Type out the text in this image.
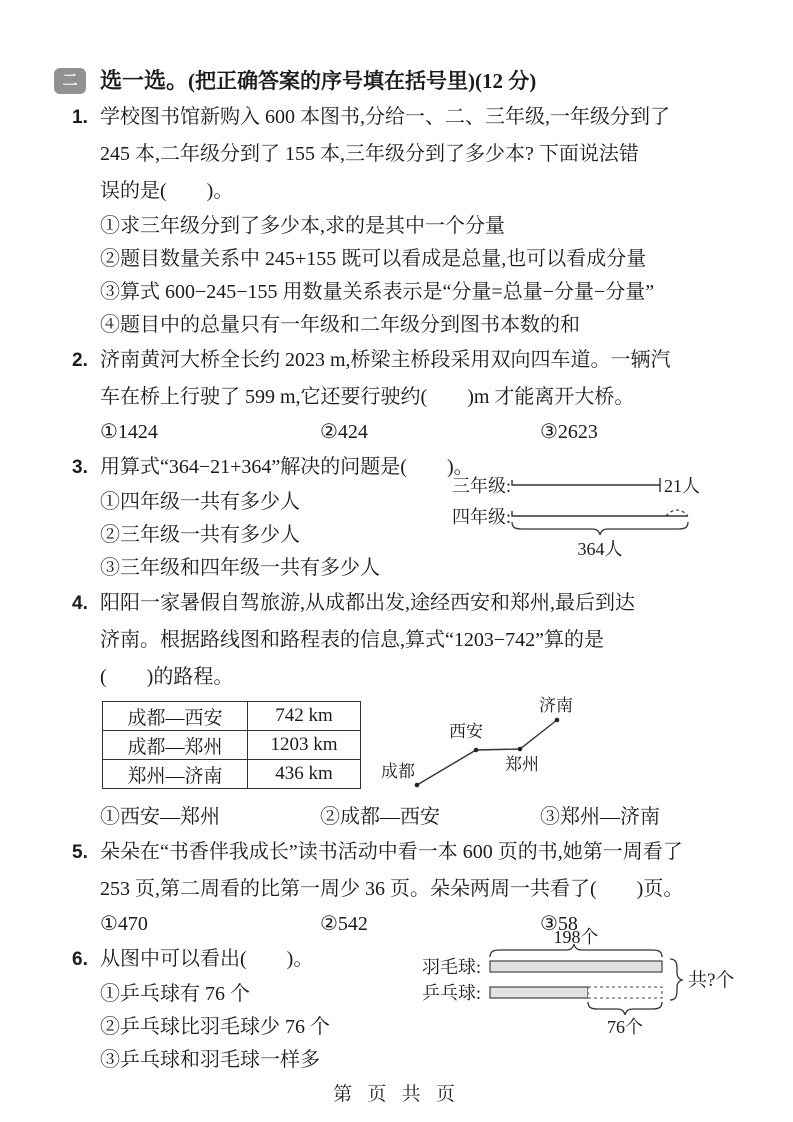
二	选一选。(把正确答案的序号填在括号里)(12 分)
1. 学校图书馆新购入 600 本图书,分给一、二、三年级,一年级分到了
245 本,二年级分到了 155 本,三年级分到了多少本? 下面说法错
误的是(　　)。
①求三年级分到了多少本,求的是其中一个分量
②题目数量关系中 245+155 既可以看成是总量,也可以看成分量
③算式 600−245−155 用数量关系表示是“分量=总量−分量−分量”
④题目中的总量只有一年级和二年级分到图书本数的和
2. 济南黄河大桥全长约 2023 m,桥梁主桥段采用双向四车道。一辆汽
车在桥上行驶了 599 m,它还要行驶约(　　)m 才能离开大桥。
①1424	②424	③2623
3. 用算式“364−21+364”解决的问题是(　　)。
①四年级一共有多少人
②三年级一共有多少人
③三年级和四年级一共有多少人
三年级:
四年级:
21人
364人
4. 阳阳一家暑假自驾旅游,从成都出发,途经西安和郑州,最后到达
济南。根据路线图和路程表的信息,算式“1203−742”算的是
(　　)的路程。
成都—西安	742 km
成都—郑州	1203 km
郑州—济南	436 km	成都
西安
郑州
济南
①西安—郑州	②成都—西安	③郑州—济南
5. 朵朵在“书香伴我成长”读书活动中看一本 600 页的书,她第一周看了
253 页,第二周看的比第一周少 36 页。朵朵两周一共看了(　　)页。
①470	②542	③58
6. 从图中可以看出(　　)。
①乒乓球有 76 个
②乒乓球比羽毛球少 76 个
③乒乓球和羽毛球一样多
198个
羽毛球:
乒乓球:
76个
共?个
第 页 共 页
